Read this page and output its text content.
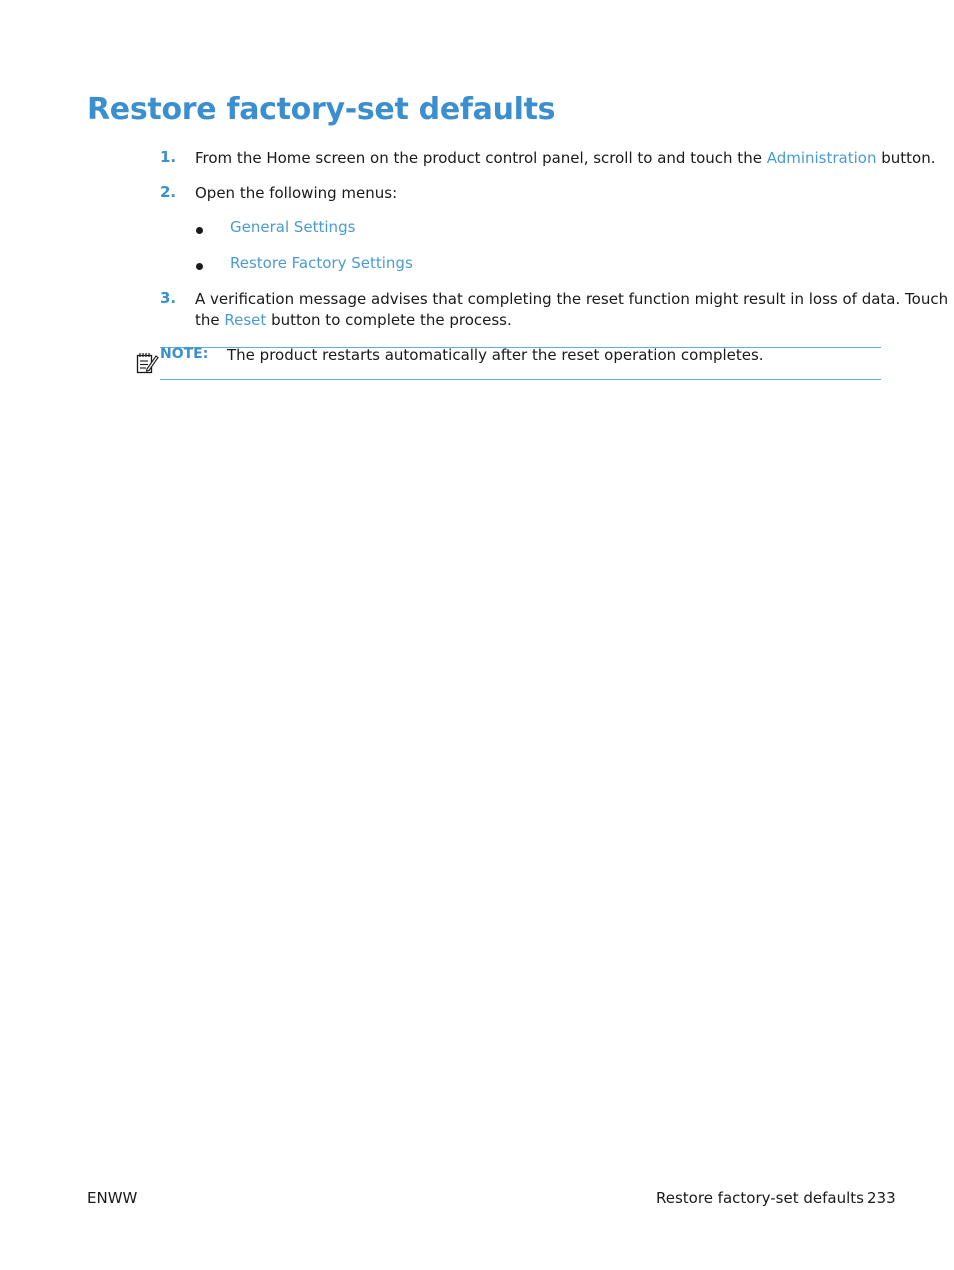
Restore factory-set defaults
1. From the Home screen on the product control panel, scroll to and touch the Administration button.
2. Open the following menus:
General Settings
Restore Factory Settings
3. A verification message advises that completing the reset function might result in loss of data. Touch
the Reset button to complete the process.
NOTE: The product restarts automatically after the reset operation completes.
ENWW	Restore factory-set defaults 233
